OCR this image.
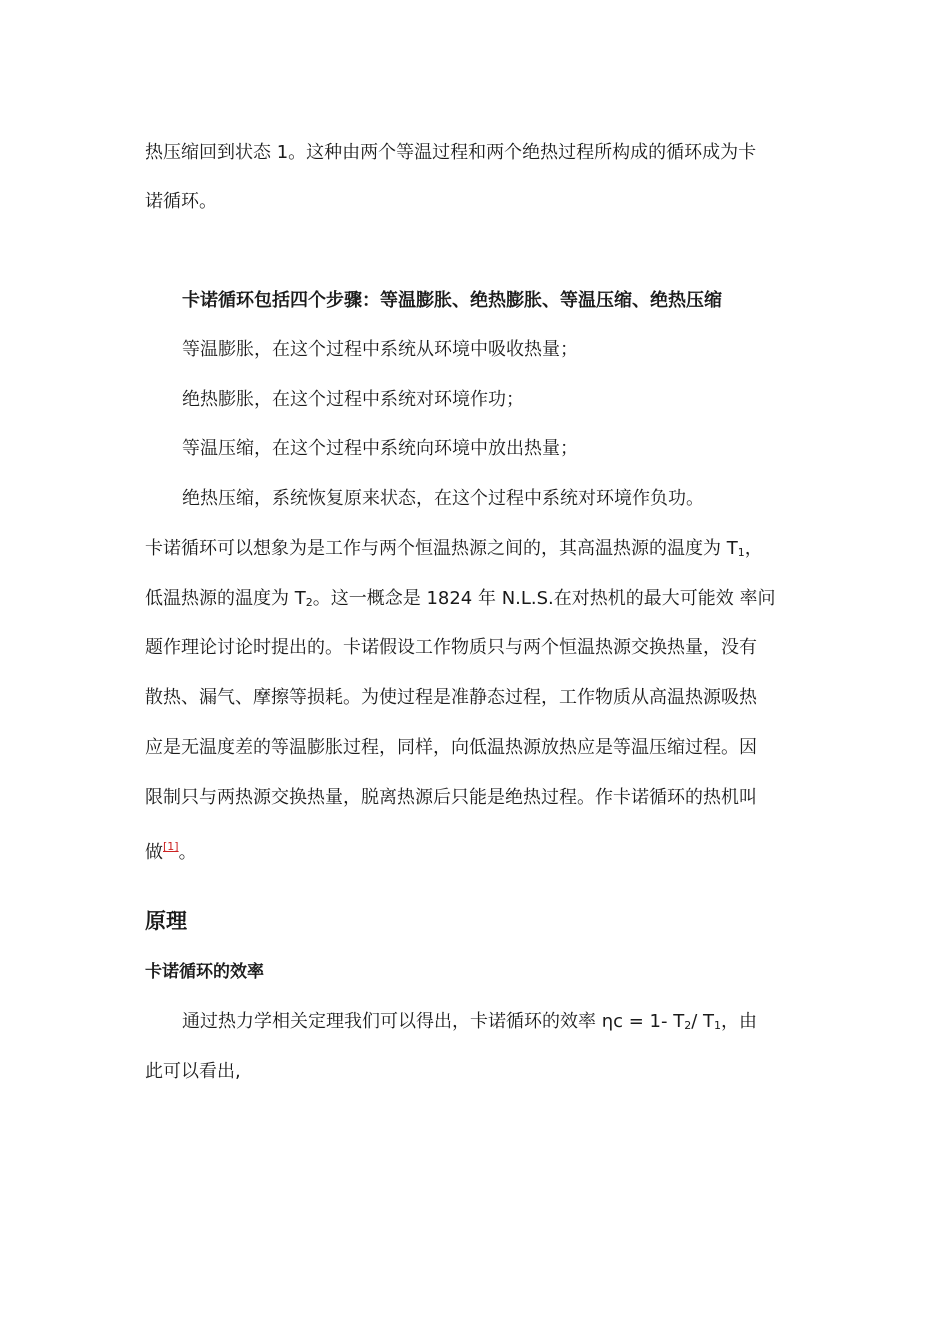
热压缩回到状态 1。这种由两个等温过程和两个绝热过程所构成的循环成为卡
诺循环。
卡诺循环包括四个步骤：等温膨胀、绝热膨胀、等温压缩、绝热压缩
等温膨胀，在这个过程中系统从环境中吸收热量；
绝热膨胀，在这个过程中系统对环境作功；
等温压缩，在这个过程中系统向环境中放出热量；
绝热压缩，系统恢复原来状态，在这个过程中系统对环境作负功。
卡诺循环可以想象为是工作与两个恒温热源之间的，其高温热源的温度为 T1，
低温热源的温度为 T2。这一概念是 1824 年 N.L.S.在对热机的最大可能效 率问
题作理论讨论时提出的。卡诺假设工作物质只与两个恒温热源交换热量，没有
散热、漏气、摩擦等损耗。为使过程是准静态过程，工作物质从高温热源吸热
应是无温度差的等温膨胀过程，同样，向低温热源放热应是等温压缩过程。因
限制只与两热源交换热量，脱离热源后只能是绝热过程。作卡诺循环的热机叫
做[1]。
原理
卡诺循环的效率
通过热力学相关定理我们可以得出，卡诺循环的效率 ηc = 1- T2/ T1，由
此可以看出,
